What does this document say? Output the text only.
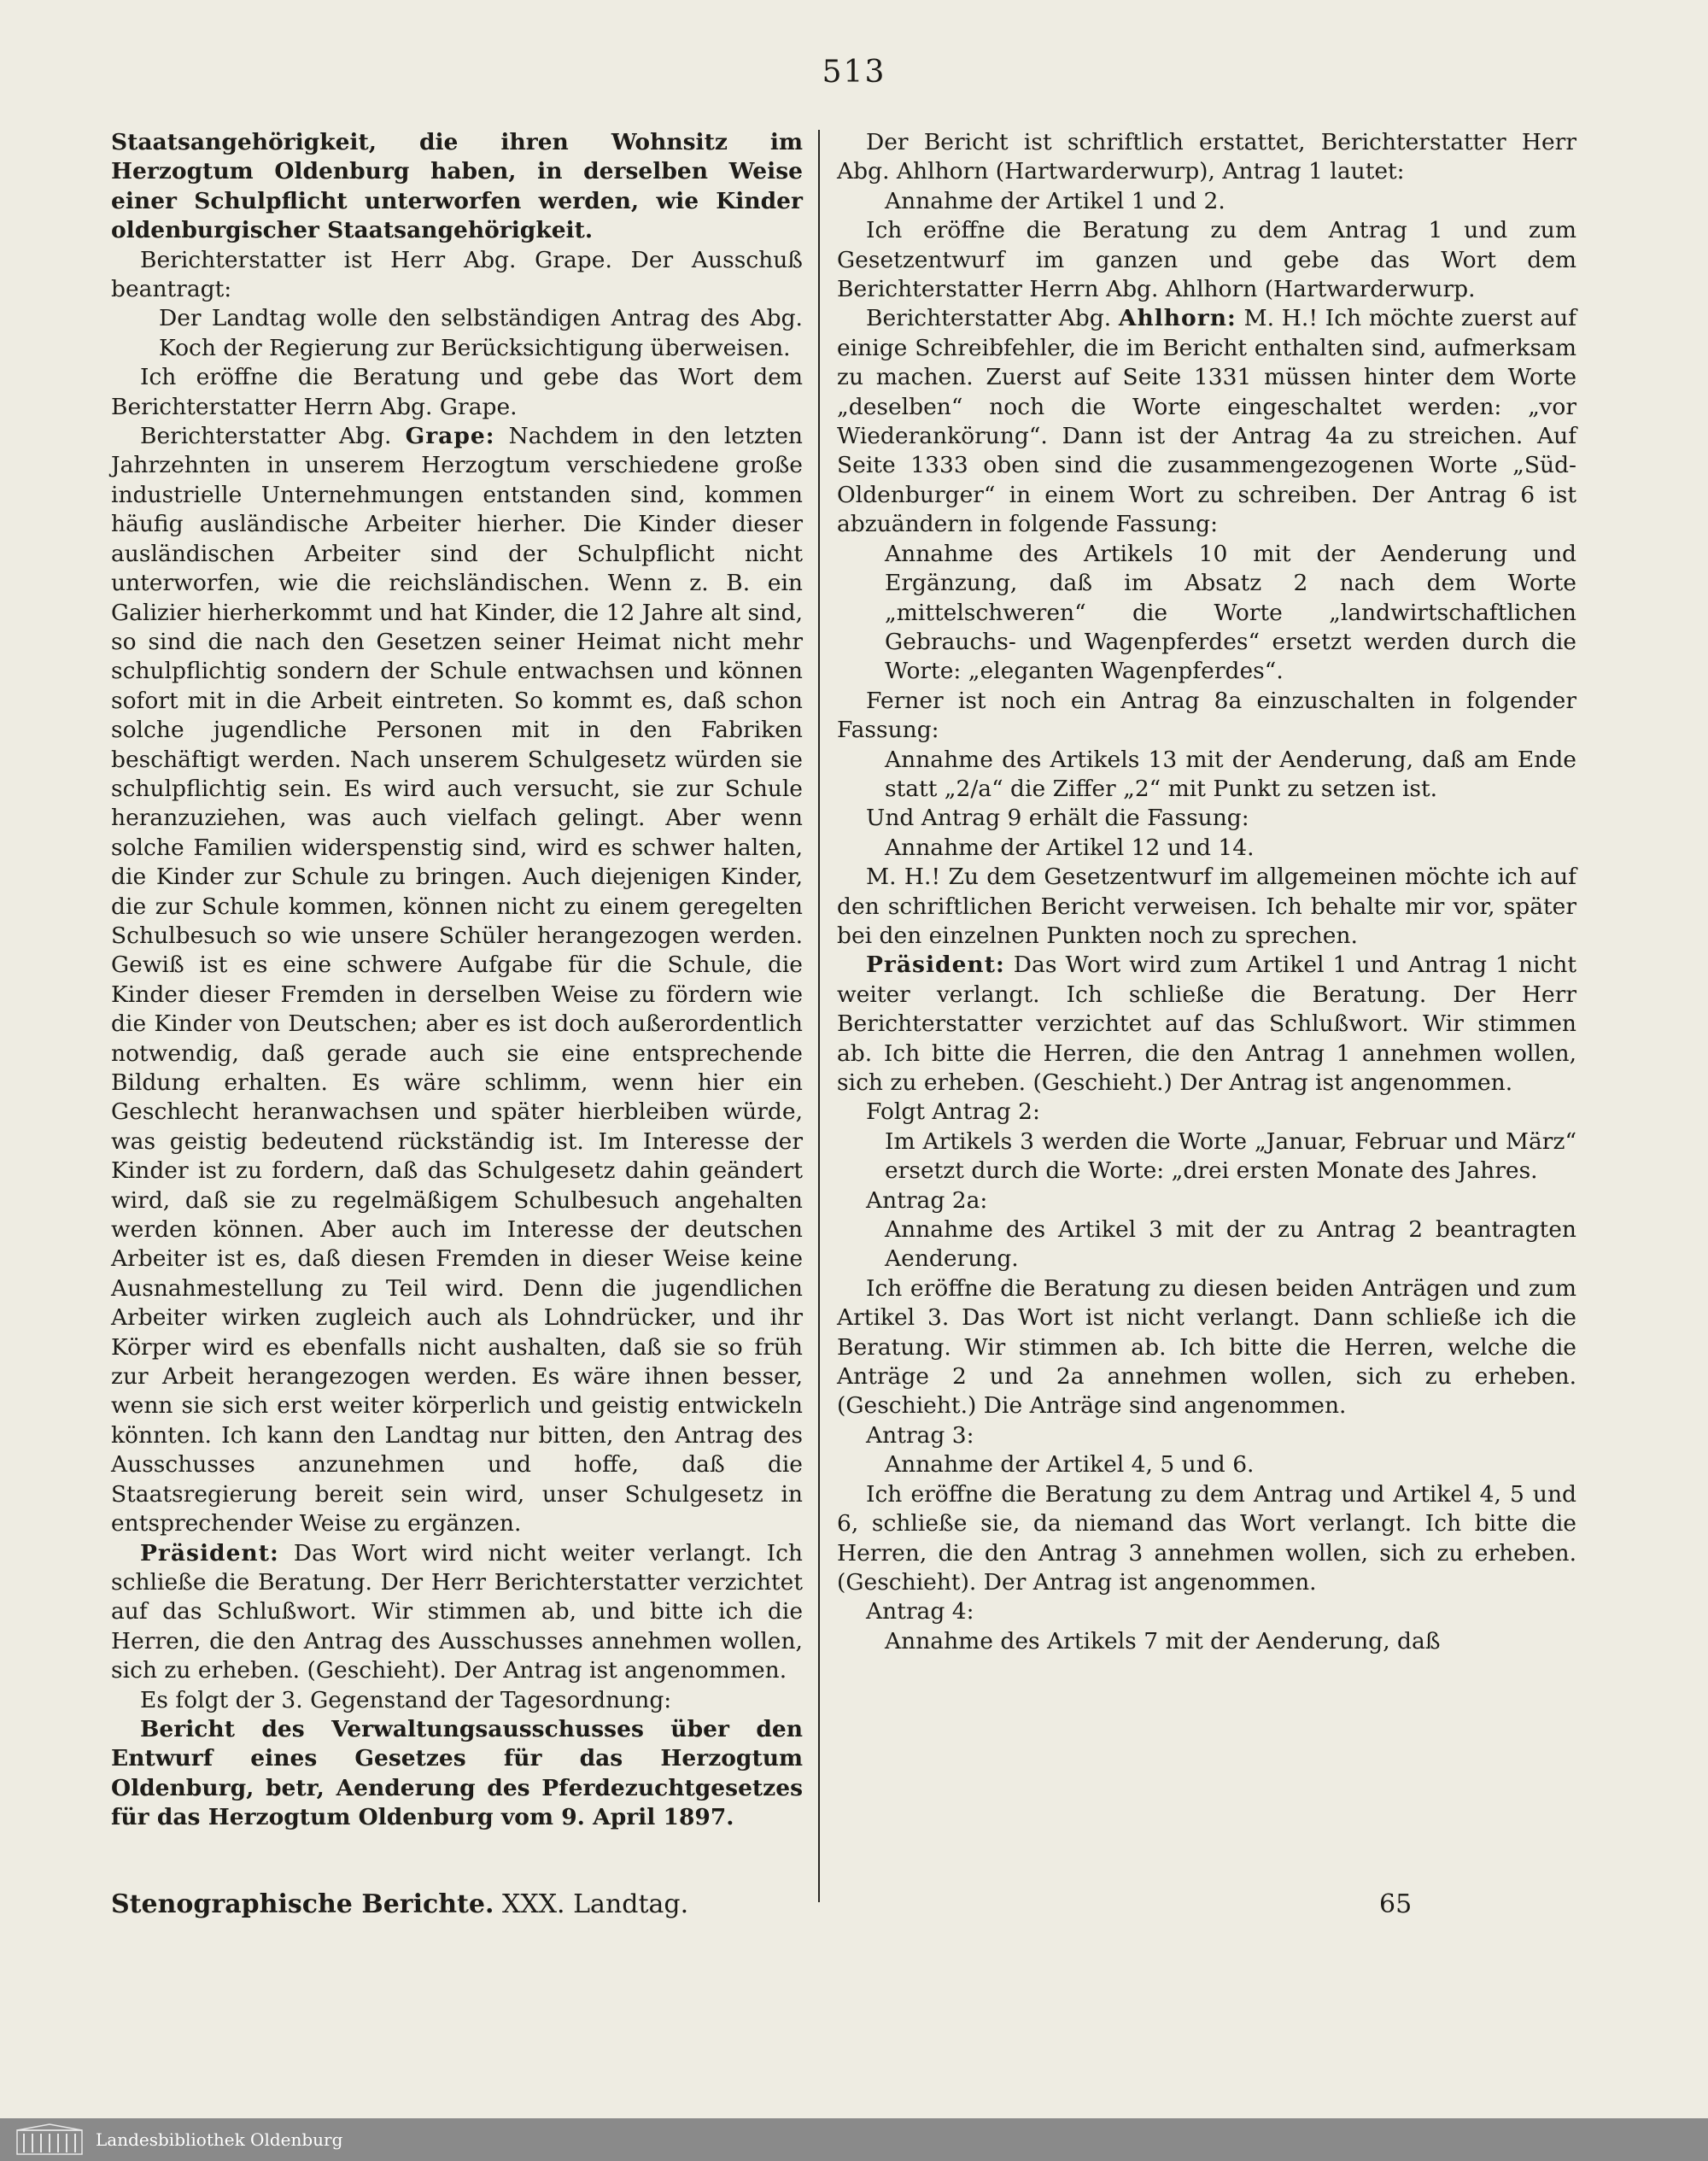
513

Staatsangehörigkeit, die ihren Wohnsitz im Herzogtum Oldenburg haben, in derselben Weise einer Schulpflicht unterworfen werden, wie Kinder oldenburgischer Staatsangehörigkeit.

Berichterstatter ist Herr Abg. Grape. Der Ausschuß beantragt:

Der Landtag wolle den selbständigen Antrag des Abg. Koch der Regierung zur Berücksichtigung überweisen.

Ich eröffne die Beratung und gebe das Wort dem Berichterstatter Herrn Abg. Grape.

Berichterstatter Abg. Grape: Nachdem in den letzten Jahrzehnten in unserem Herzogtum verschiedene große industrielle Unternehmungen entstanden sind, kommen häufig ausländische Arbeiter hierher. Die Kinder dieser ausländischen Arbeiter sind der Schulpflicht nicht unterworfen, wie die reichsländischen. Wenn z. B. ein Galizier hierherkommt und hat Kinder, die 12 Jahre alt sind, so sind die nach den Gesetzen seiner Heimat nicht mehr schulpflichtig sondern der Schule entwachsen und können sofort mit in die Arbeit eintreten. So kommt es, daß schon solche jugendliche Personen mit in den Fabriken beschäftigt werden. Nach unserem Schulgesetz würden sie schulpflichtig sein. Es wird auch versucht, sie zur Schule heranzuziehen, was auch vielfach gelingt. Aber wenn solche Familien widerspenstig sind, wird es schwer halten, die Kinder zur Schule zu bringen. Auch diejenigen Kinder, die zur Schule kommen, können nicht zu einem geregelten Schulbesuch so wie unsere Schüler herangezogen werden. Gewiß ist es eine schwere Aufgabe für die Schule, die Kinder dieser Fremden in derselben Weise zu fördern wie die Kinder von Deutschen; aber es ist doch außerordentlich notwendig, daß gerade auch sie eine entsprechende Bildung erhalten. Es wäre schlimm, wenn hier ein Geschlecht heranwachsen und später hierbleiben würde, was geistig bedeutend rückständig ist. Im Interesse der Kinder ist zu fordern, daß das Schulgesetz dahin geändert wird, daß sie zu regelmäßigem Schulbesuch angehalten werden können. Aber auch im Interesse der deutschen Arbeiter ist es, daß diesen Fremden in dieser Weise keine Ausnahmestellung zu Teil wird. Denn die jugendlichen Arbeiter wirken zugleich auch als Lohndrücker, und ihr Körper wird es ebenfalls nicht aushalten, daß sie so früh zur Arbeit herangezogen werden. Es wäre ihnen besser, wenn sie sich erst weiter körperlich und geistig entwickeln könnten. Ich kann den Landtag nur bitten, den Antrag des Ausschusses anzunehmen und hoffe, daß die Staatsregierung bereit sein wird, unser Schulgesetz in entsprechender Weise zu ergänzen.

Präsident: Das Wort wird nicht weiter verlangt. Ich schließe die Beratung. Der Herr Berichterstatter verzichtet auf das Schlußwort. Wir stimmen ab, und bitte ich die Herren, die den Antrag des Ausschusses annehmen wollen, sich zu erheben. (Geschieht). Der Antrag ist angenommen.

Es folgt der 3. Gegenstand der Tagesordnung:

Bericht des Verwaltungsausschusses über den Entwurf eines Gesetzes für das Herzogtum Oldenburg, betr, Aenderung des Pferdezuchtgesetzes für das Herzogtum Oldenburg vom 9. April 1897.

Der Bericht ist schriftlich erstattet, Berichterstatter Herr Abg. Ahlhorn (Hartwarderwurp), Antrag 1 lautet:

Annahme der Artikel 1 und 2.

Ich eröffne die Beratung zu dem Antrag 1 und zum Gesetzentwurf im ganzen und gebe das Wort dem Berichterstatter Herrn Abg. Ahlhorn (Hartwarderwurp.

Berichterstatter Abg. Ahlhorn: M. H.! Ich möchte zuerst auf einige Schreibfehler, die im Bericht enthalten sind, aufmerksam zu machen. Zuerst auf Seite 1331 müssen hinter dem Worte „deselben“ noch die Worte eingeschaltet werden: „vor Wiederankörung“. Dann ist der Antrag 4a zu streichen. Auf Seite 1333 oben sind die zusammengezogenen Worte „Süd-Oldenburger“ in einem Wort zu schreiben. Der Antrag 6 ist abzuändern in folgende Fassung:

Annahme des Artikels 10 mit der Aenderung und Ergänzung, daß im Absatz 2 nach dem Worte „mittelschweren“ die Worte „landwirtschaftlichen Gebrauchs- und Wagenpferdes“ ersetzt werden durch die Worte: „eleganten Wagenpferdes“.

Ferner ist noch ein Antrag 8a einzuschalten in folgender Fassung:

Annahme des Artikels 13 mit der Aenderung, daß am Ende statt „2/a“ die Ziffer „2“ mit Punkt zu setzen ist.

Und Antrag 9 erhält die Fassung:

Annahme der Artikel 12 und 14.

M. H.! Zu dem Gesetzentwurf im allgemeinen möchte ich auf den schriftlichen Bericht verweisen. Ich behalte mir vor, später bei den einzelnen Punkten noch zu sprechen.

Präsident: Das Wort wird zum Artikel 1 und Antrag 1 nicht weiter verlangt. Ich schließe die Beratung. Der Herr Berichterstatter verzichtet auf das Schlußwort. Wir stimmen ab. Ich bitte die Herren, die den Antrag 1 annehmen wollen, sich zu erheben. (Geschieht.) Der Antrag ist angenommen.

Folgt Antrag 2:

Im Artikels 3 werden die Worte „Januar, Februar und März“ ersetzt durch die Worte: „drei ersten Monate des Jahres.

Antrag 2a:

Annahme des Artikel 3 mit der zu Antrag 2 beantragten Aenderung.

Ich eröffne die Beratung zu diesen beiden Anträgen und zum Artikel 3. Das Wort ist nicht verlangt. Dann schließe ich die Beratung. Wir stimmen ab. Ich bitte die Herren, welche die Anträge 2 und 2a annehmen wollen, sich zu erheben. (Geschieht.) Die Anträge sind angenommen.

Antrag 3:

Annahme der Artikel 4, 5 und 6.

Ich eröffne die Beratung zu dem Antrag und Artikel 4, 5 und 6, schließe sie, da niemand das Wort verlangt. Ich bitte die Herren, die den Antrag 3 annehmen wollen, sich zu erheben. (Geschieht). Der Antrag ist angenommen.

Antrag 4:

Annahme des Artikels 7 mit der Aenderung, daß

Stenographische Berichte. XXX. Landtag.	65
Landesbibliothek Oldenburg
